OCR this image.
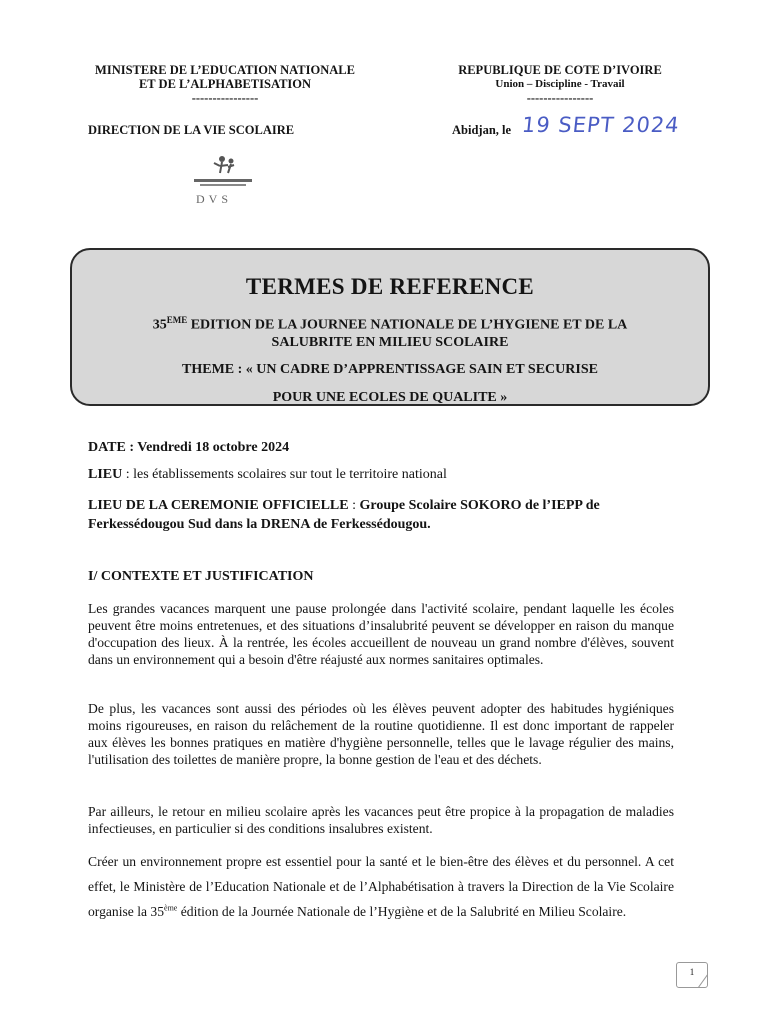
MINISTERE DE L’EDUCATION NATIONALE
ET DE L’ALPHABETISATION
----------------
REPUBLIQUE DE COTE D’IVOIRE
Union – Discipline - Travail
----------------
DIRECTION DE LA VIE SCOLAIRE	Abidjan, le 19 SEPT 2024
DVS
TERMES DE REFERENCE
35EME EDITION DE LA JOURNEE NATIONALE DE L’HYGIENE ET DE LA
SALUBRITE EN MILIEU SCOLAIRE
THEME : « UN CADRE D’APPRENTISSAGE SAIN ET SECURISE
POUR UNE ECOLES DE QUALITE »
DATE : Vendredi 18 octobre 2024
LIEU : les établissements scolaires sur tout le territoire national
LIEU DE LA CEREMONIE OFFICIELLE : Groupe Scolaire SOKORO de l’IEPP de Ferkessédougou Sud dans la DRENA de Ferkessédougou.
I/ CONTEXTE ET JUSTIFICATION

Les grandes vacances marquent une pause prolongée dans l'activité scolaire, pendant laquelle les écoles peuvent être moins entretenues, et des situations d’insalubrité peuvent se développer en raison du manque d'occupation des lieux. À la rentrée, les écoles accueillent de nouveau un grand nombre d'élèves, souvent dans un environnement qui a besoin d'être réajusté aux normes sanitaires optimales.

De plus, les vacances sont aussi des périodes où les élèves peuvent adopter des habitudes hygiéniques moins rigoureuses, en raison du relâchement de la routine quotidienne. Il est donc important de rappeler aux élèves les bonnes pratiques en matière d'hygiène personnelle, telles que le lavage régulier des mains, l'utilisation des toilettes de manière propre, la bonne gestion de l'eau et des déchets.

Par ailleurs, le retour en milieu scolaire après les vacances peut être propice à la propagation de maladies infectieuses, en particulier si des conditions insalubres existent.

Créer un environnement propre est essentiel pour la santé et le bien-être des élèves et du personnel. A cet effet, le Ministère de l’Education Nationale et de l’Alphabétisation à travers la Direction de la Vie Scolaire organise la 35ème édition de la Journée Nationale de l’Hygiène et de la Salubrité en Milieu Scolaire.

1
